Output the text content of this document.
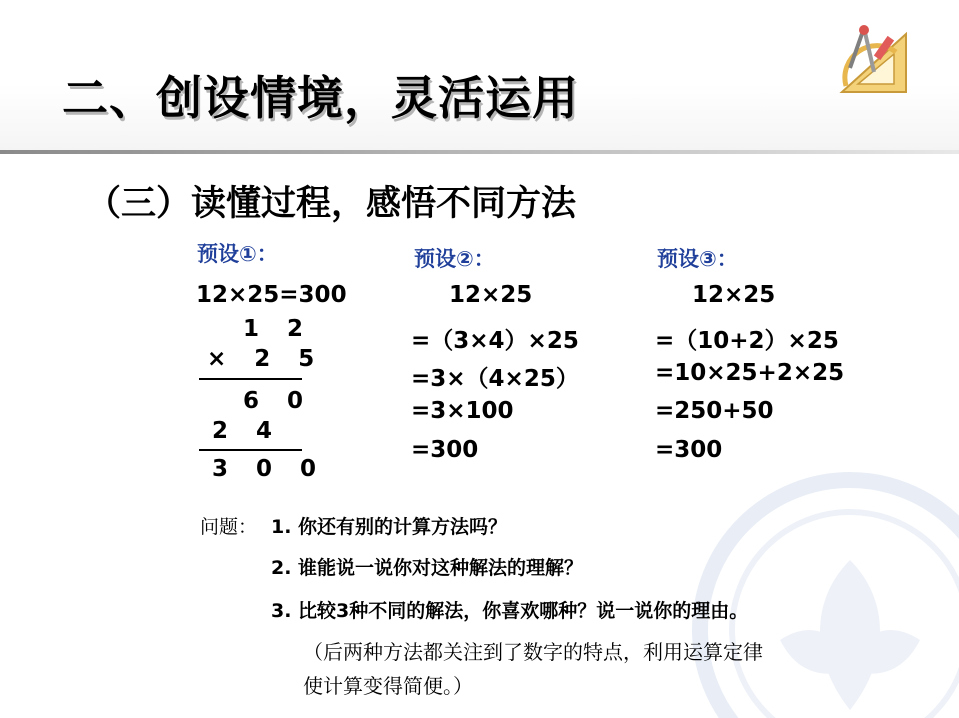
二、创设情境，灵活运用
（三）读懂过程，感悟不同方法
预设①：
12×25=300
1 2
× 2 5
6 0
2 4
3 0 0
预设②：
12×25
=（3×4）×25
=3×（4×25）
=3×100
=300
预设③：
12×25
=（10+2）×25
=10×25+2×25
=250+50
=300
问题： 1. 你还有别的计算方法吗？
2. 谁能说一说你对这种解法的理解？
3. 比较3种不同的解法，你喜欢哪种？说一说你的理由。
（后两种方法都关注到了数字的特点，利用运算定律
使计算变得简便。）
